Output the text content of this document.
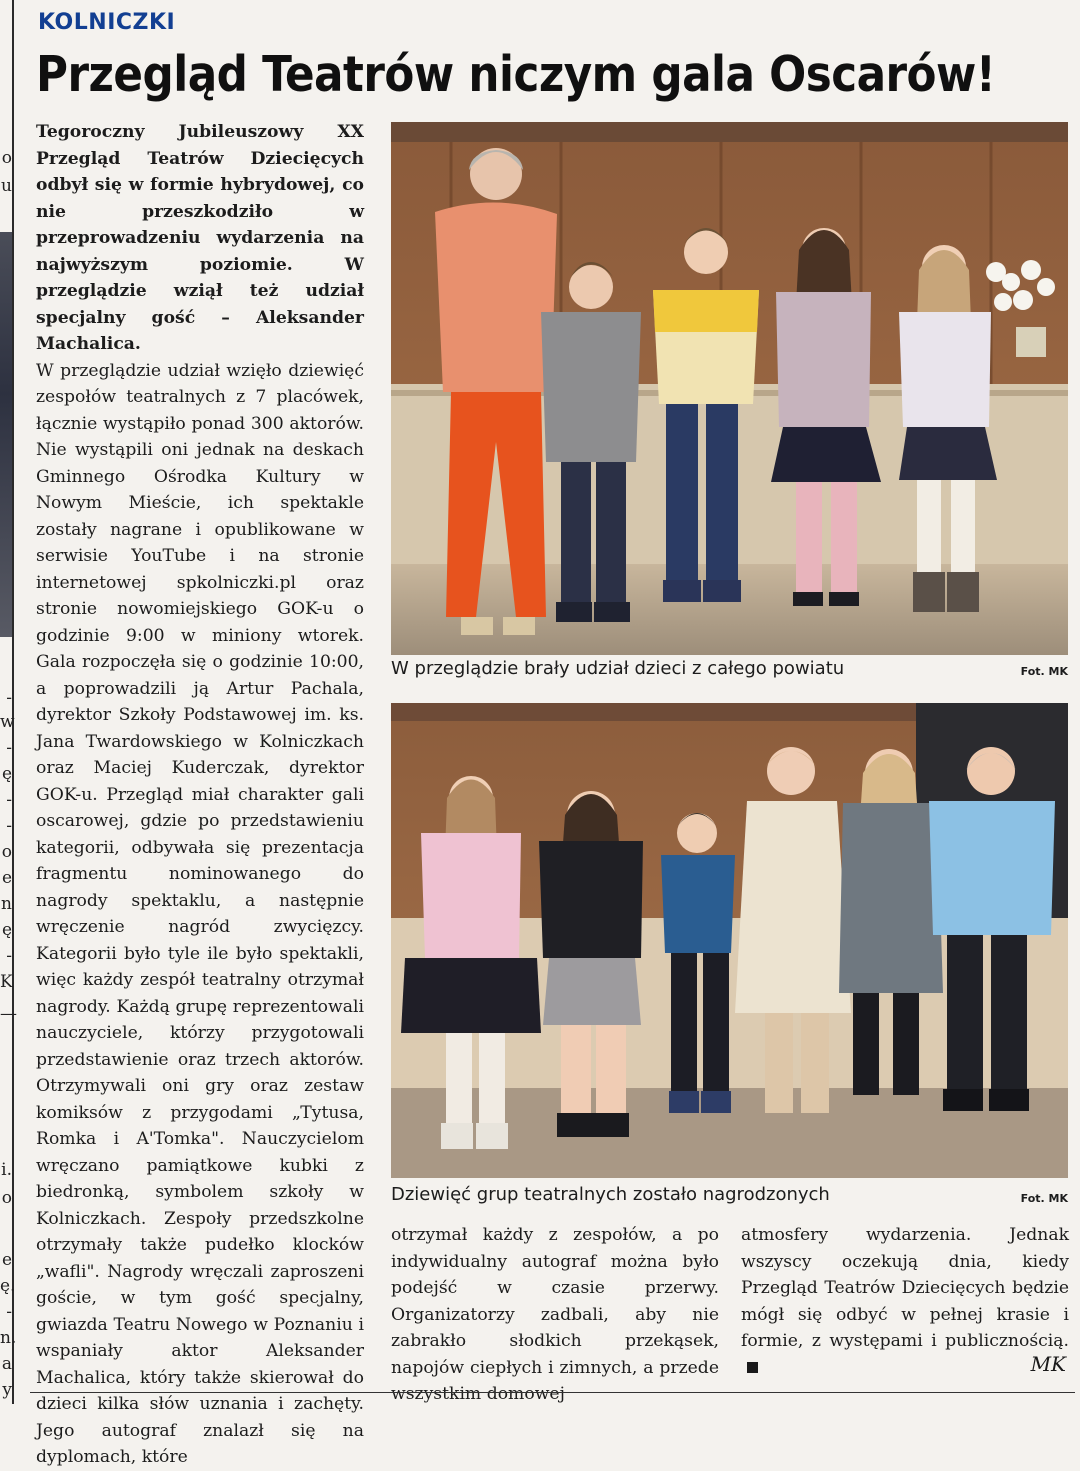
o
u
-
w
-
ę
-
-
o
e
n
ę
-
K
—
i.
o
e
ę.
-
n.
a
y
KOLNICZKI
Przegląd Teatrów niczym gala Oscarów!

Tegoroczny Jubileuszowy XX Przegląd Teatrów Dziecięcych odbył się w formie hybrydowej, co nie przeszkodziło w przeprowadzeniu wydarzenia na najwyższym poziomie. W przeglądzie wziął też udział specjalny gość – Aleksander Machalica.

W przeglądzie udział wzięło dziewięć zespołów teatralnych z 7 placówek, łącznie wystąpiło ponad 300 aktorów. Nie wystąpili oni jednak na deskach Gminnego Ośrodka Kultury w Nowym Mieście, ich spektakle zostały nagrane i opublikowane w serwisie YouTube i na stronie internetowej spkolniczki.pl oraz stronie nowomiejskiego GOK-u o godzinie 9:00 w miniony wtorek. Gala rozpoczęła się o godzinie 10:00, a poprowadzili ją Artur Pachala, dyrektor Szkoły Podstawowej im. ks. Jana Twardowskiego w Kolniczkach oraz Maciej Kuderczak, dyrektor GOK-u. Przegląd miał charakter gali oscarowej, gdzie po przedstawieniu kategorii, odbywała się prezentacja fragmentu nominowanego do nagrody spektaklu, a następnie wręczenie nagród zwycięzcy. Kategorii było tyle ile było spektakli, więc każdy zespół teatralny otrzymał nagrody. Każdą grupę reprezentowali nauczyciele, którzy przygotowali przedstawienie oraz trzech aktorów. Otrzymywali oni gry oraz zestaw komiksów z przygodami „Tytusa, Romka i A'Tomka". Nauczycielom wręczano pamiątkowe kubki z biedronką, symbolem szkoły w Kolniczkach. Zespoły przedszkolne otrzymały także pudełko klocków „wafli". Nagrody wręczali zaproszeni goście, w tym gość specjalny, gwiazda Teatru Nowego w Poznaniu i wspaniały aktor Aleksander Machalica, który także skierował do dzieci kilka słów uznania i zachęty. Jego autograf znalazł się na dyplomach, które

W przeglądzie brały udział dzieci z całego powiatu	Fot. MK
Dziewięć grup teatralnych zostało nagrodzonych	Fot. MK

otrzymał każdy z zespołów, a po indywidualny autograf można było podejść w czasie przerwy. Organizatorzy zadbali, aby nie zabrakło słodkich przekąsek, napojów ciepłych i zimnych, a przede wszystkim domowej

atmosfery wydarzenia. Jednak wszyscy oczekują dnia, kiedy Przegląd Teatrów Dziecięcych będzie mógł się odbyć w pełnej krasie i formie, z występami i publicznością.

MK
